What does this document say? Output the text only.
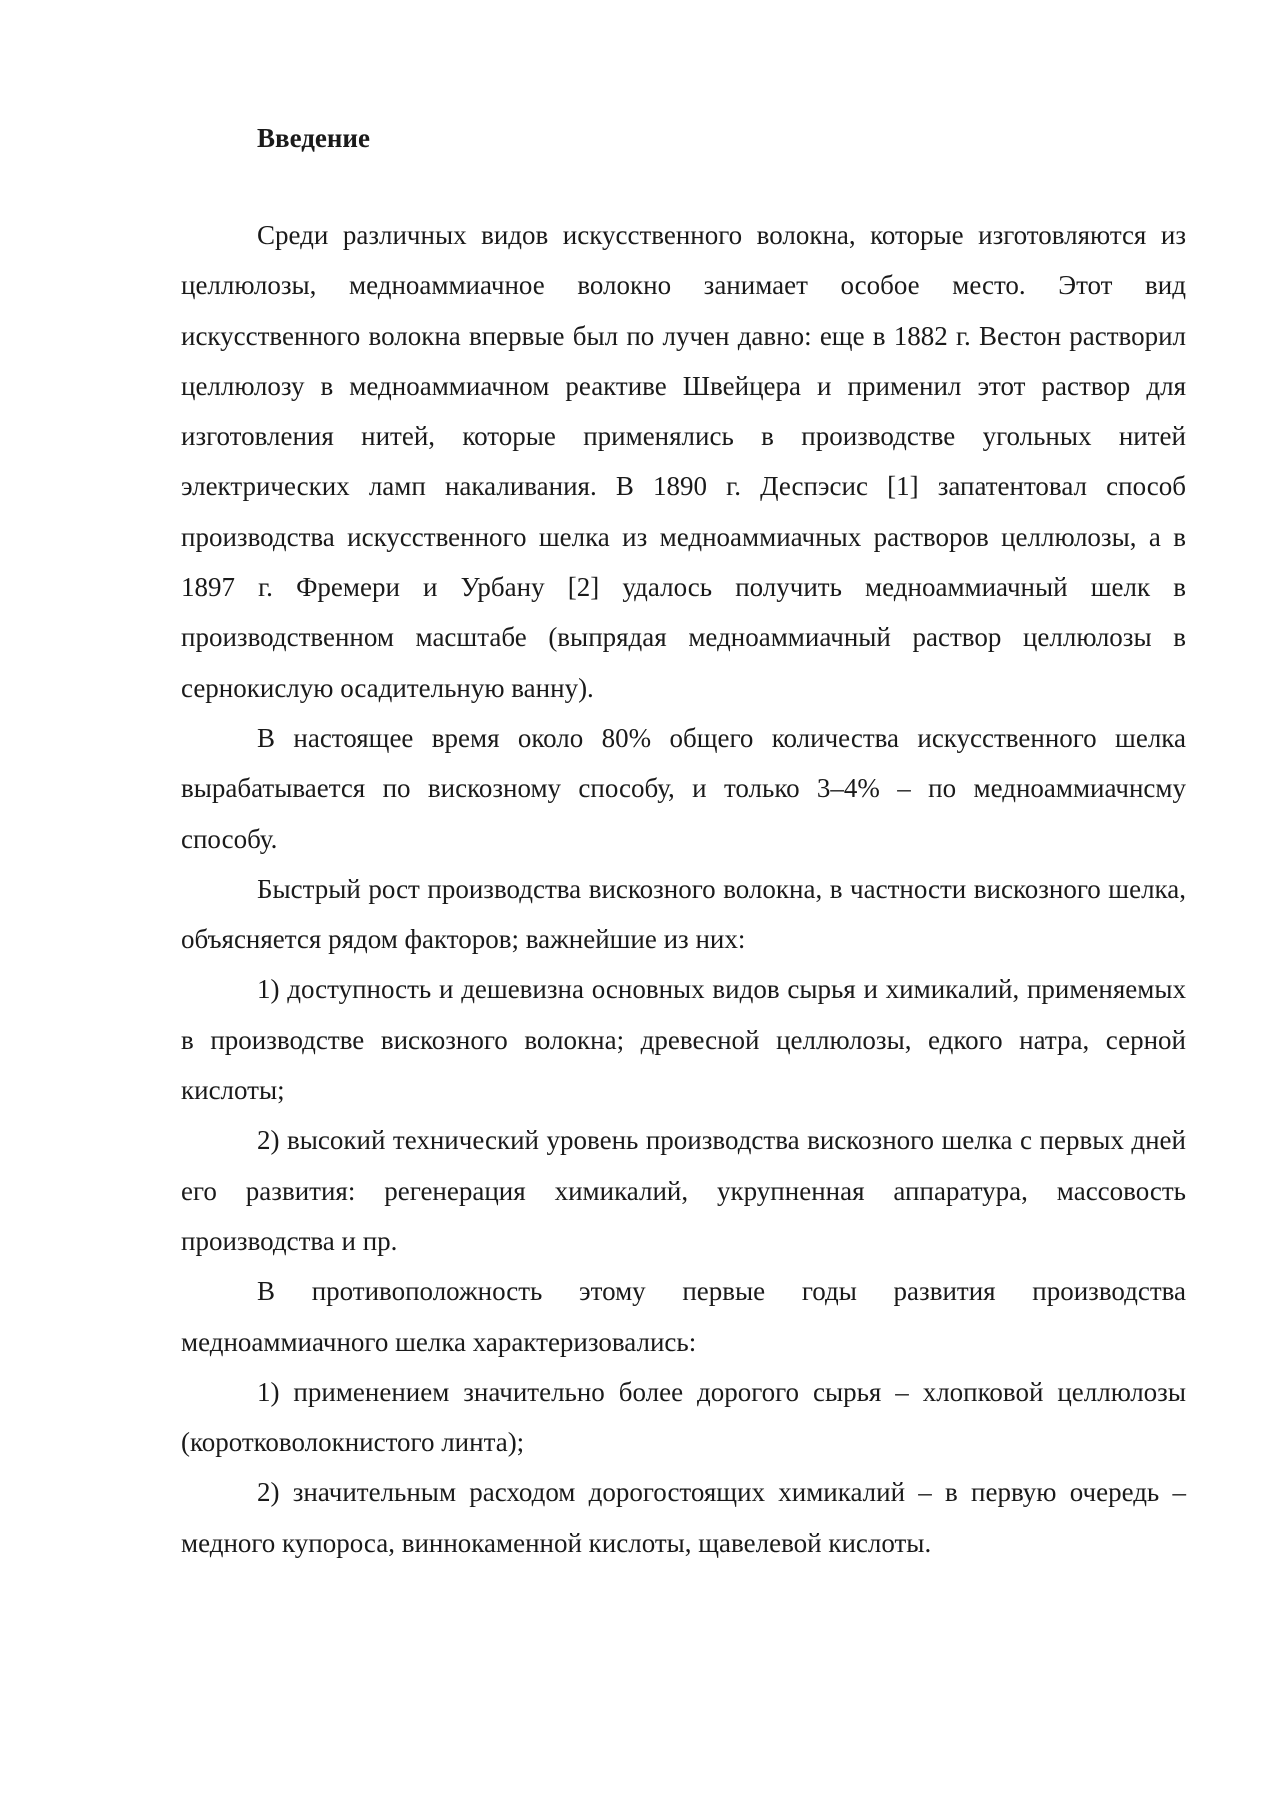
Введение

Среди различных видов искусственного волокна, которые изготовляются из целлюлозы, медноаммиачное волокно занимает особое место. Этот вид искусственного волокна впервые был по лучен давно: еще в 1882 г. Вестон растворил целлюлозу в медноаммиачном реактиве Швейцера и применил этот раствор для изготовления нитей, которые применялись в производстве угольных нитей электрических ламп накаливания. В 1890 г. Деспэсис [1] запатентовал способ производства искусственного шелка из медноаммиачных растворов целлюлозы, а в 1897 г. Фремери и Урбану [2] удалось получить медноаммиачный шелк в производственном масштабе (выпрядая медноаммиачный раствор целлюлозы в сернокислую осадительную ванну).

В настоящее время около 80% общего количества искусственного шелка вырабатывается по вискозному способу, и только 3–4% – по медноаммиачнсму способу.

Быстрый рост производства вискозного волокна, в частности вискозного шелка, объясняется рядом факторов; важнейшие из них:

1) доступность и дешевизна основных видов сырья и химикалий, применяемых в производстве вискозного волокна; древесной целлюлозы, едкого натра, серной кислоты;

2) высокий технический уровень производства вискозного шелка с первых дней его развития: регенерация химикалий, укрупненная аппаратура, массовость производства и пр.

В противоположность этому первые годы развития производства медноаммиачного шелка характеризовались:

1) применением значительно более дорогого сырья – хлопковой целлюлозы (коротковолокнистого линта);

2) значительным расходом дорогостоящих химикалий – в первую очередь – медного купороса, виннокаменной кислоты, щавелевой кислоты.
